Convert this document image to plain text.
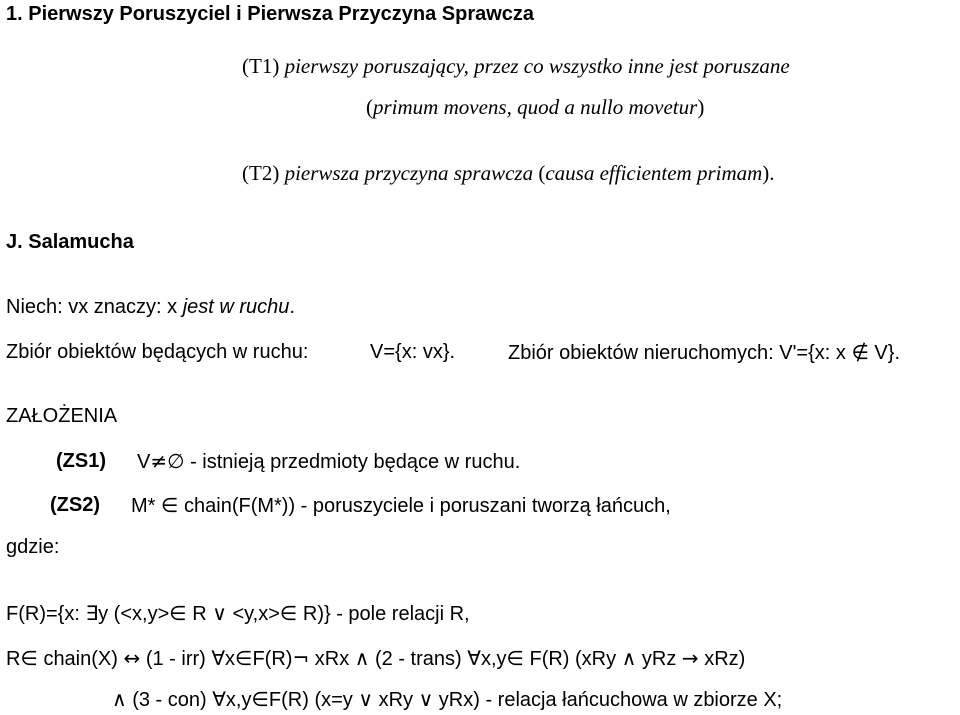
1. Pierwszy Poruszyciel i Pierwsza Przyczyna Sprawcza
(T1) pierwszy poruszający, przez co wszystko inne jest poruszane
(primum movens, quod a nullo movetur)
(T2) pierwsza przyczyna sprawcza (causa efficientem primam).
J. Salamucha
Niech: vx znaczy: x jest w ruchu.
Zbiór obiektów będących w ruchu:	V={x: vx}.	Zbiór obiektów nieruchomych: V'={x: x ∉ V}.
ZAŁOŻENIA
(ZS1) V≠∅ - istnieją przedmioty będące w ruchu.
(ZS2) M* ∈ chain(F(M*)) - poruszyciele i poruszani tworzą łańcuch,
gdzie:
F(R)={x: ∃y (<x,y>∈ R ∨ <y,x>∈ R)} - pole relacji R,
R∈ chain(X) ↔ (1 - irr) ∀x∈F(R)¬ xRx ∧ (2 - trans) ∀x,y∈ F(R) (xRy ∧ yRz → xRz)
∧ (3 - con) ∀x,y∈F(R) (x=y ∨ xRy ∨ yRx) - relacja łańcuchowa w zbiorze X;
